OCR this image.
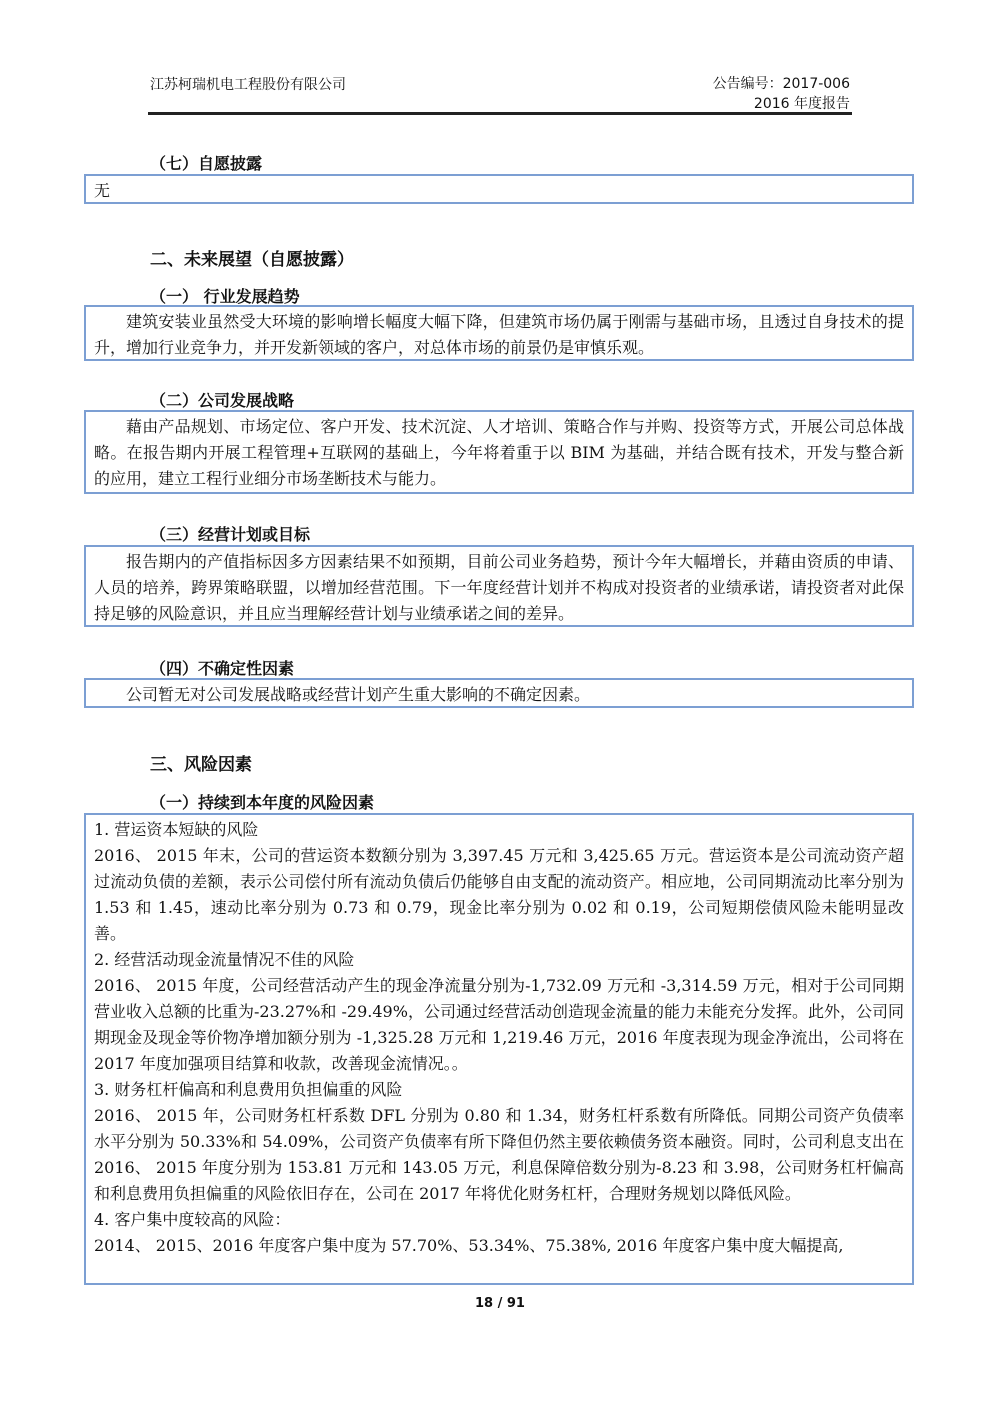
江苏柯瑞机电工程股份有限公司	公告编号：2017-006
2016 年度报告
（七）自愿披露

无

二、未来展望（自愿披露）
（一） 行业发展趋势

建筑安装业虽然受大环境的影响增长幅度大幅下降，但建筑市场仍属于刚需与基础市场，且透过自身技术的提升，增加行业竞争力，并开发新领域的客户，对总体市场的前景仍是审慎乐观。

（二）公司发展战略

藉由产品规划、市场定位、客户开发、技术沉淀、人才培训、策略合作与并购、投资等方式，开展公司总体战略。在报告期内开展工程管理+互联网的基础上，今年将着重于以 BIM 为基础，并结合既有技术，开发与整合新的应用，建立工程行业细分市场垄断技术与能力。

（三）经营计划或目标

报告期内的产值指标因多方因素结果不如预期，目前公司业务趋势，预计今年大幅增长，并藉由资质的申请、人员的培养，跨界策略联盟，以增加经营范围。下一年度经营计划并不构成对投资者的业绩承诺，请投资者对此保持足够的风险意识，并且应当理解经营计划与业绩承诺之间的差异。

（四）不确定性因素

公司暂无对公司发展战略或经营计划产生重大影响的不确定因素。

三、风险因素
（一）持续到本年度的风险因素

1. 营运资本短缺的风险

2016、 2015 年末，公司的营运资本数额分别为 3,397.45 万元和 3,425.65 万元。营运资本是公司流动资产超过流动负债的差额，表示公司偿付所有流动负债后仍能够自由支配的流动资产。相应地，公司同期流动比率分别为 1.53 和 1.45，速动比率分别为 0.73 和 0.79，现金比率分别为 0.02 和 0.19，公司短期偿债风险未能明显改善。

2. 经营活动现金流量情况不佳的风险

2016、 2015 年度，公司经营活动产生的现金净流量分别为-1,732.09 万元和 -3,314.59 万元，相对于公司同期营业收入总额的比重为-23.27%和 -29.49%，公司通过经营活动创造现金流量的能力未能充分发挥。此外，公司同期现金及现金等价物净增加额分别为 -1,325.28 万元和 1,219.46 万元，2016 年度表现为现金净流出，公司将在 2017 年度加强项目结算和收款，改善现金流情况。。

3. 财务杠杆偏高和利息费用负担偏重的风险

2016、 2015 年，公司财务杠杆系数 DFL 分别为 0.80 和 1.34，财务杠杆系数有所降低。同期公司资产负债率水平分别为 50.33%和 54.09%，公司资产负债率有所下降但仍然主要依赖债务资本融资。同时，公司利息支出在 2016、 2015 年度分别为 153.81 万元和 143.05 万元，利息保障倍数分别为-8.23 和 3.98，公司财务杠杆偏高和利息费用负担偏重的风险依旧存在，公司在 2017 年将优化财务杠杆，合理财务规划以降低风险。

4. 客户集中度较高的风险：

2014、 2015、2016 年度客户集中度为 57.70%、53.34%、75.38%, 2016 年度客户集中度大幅提高,

18 / 91
